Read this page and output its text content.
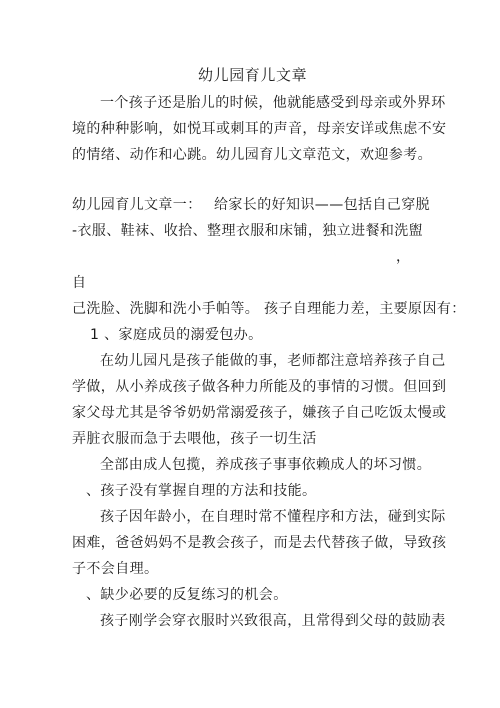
幼儿园育儿文章
一个孩子还是胎儿的时候，他就能感受到母亲或外界环
境的种种影响，如悦耳或刺耳的声音，母亲安详或焦虑不安
的情绪、动作和心跳。幼儿园育儿文章范文，欢迎参考。
幼儿园育儿文章一： 给家长的好知识——包括自己穿脱
-衣服、鞋袜、收拾、整理衣服和床铺，独立进餐和洗盥
，
自
己洗脸、洗脚和洗小手帕等。 孩子自理能力差，主要原因有：
1 、家庭成员的溺爱包办。
在幼儿园凡是孩子能做的事，老师都注意培养孩子自己
学做，从小养成孩子做各种力所能及的事情的习惯。但回到
家父母尤其是爷爷奶奶常溺爱孩子，嫌孩子自己吃饭太慢或
弄脏衣服而急于去喂他，孩子一切生活
全部由成人包揽，养成孩子事事依赖成人的坏习惯。
、孩子没有掌握自理的方法和技能。
孩子因年龄小，在自理时常不懂程序和方法，碰到实际
困难，爸爸妈妈不是教会孩子，而是去代替孩子做，导致孩
子不会自理。
、缺少必要的反复练习的机会。
孩子刚学会穿衣服时兴致很高，且常得到父母的鼓励表
